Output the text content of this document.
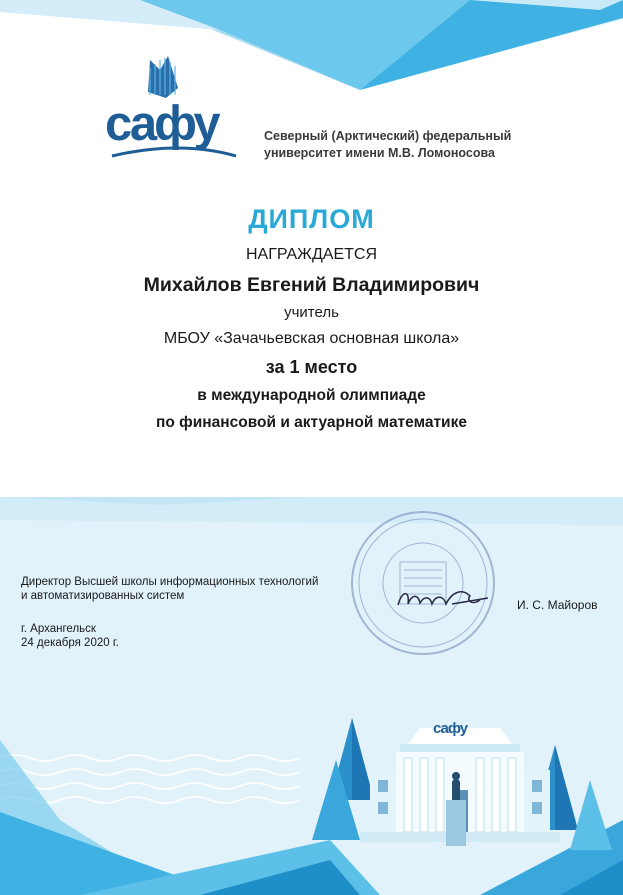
сафу	Северный (Арктический) федеральный
университет имени М.В. Ломоносова
ДИПЛОМ
НАГРАЖДАЕТСЯ
Михайлов Евгений Владимирович
учитель
МБОУ «Зачачьевская основная школа»
за 1 место
в международной олимпиаде
по финансовой и актуарной математике
Директор Высшей школы информационных технологий
и автоматизированных систем
И. С. Майоров
г. Архангельск
24 декабря 2020 г.
сафу
